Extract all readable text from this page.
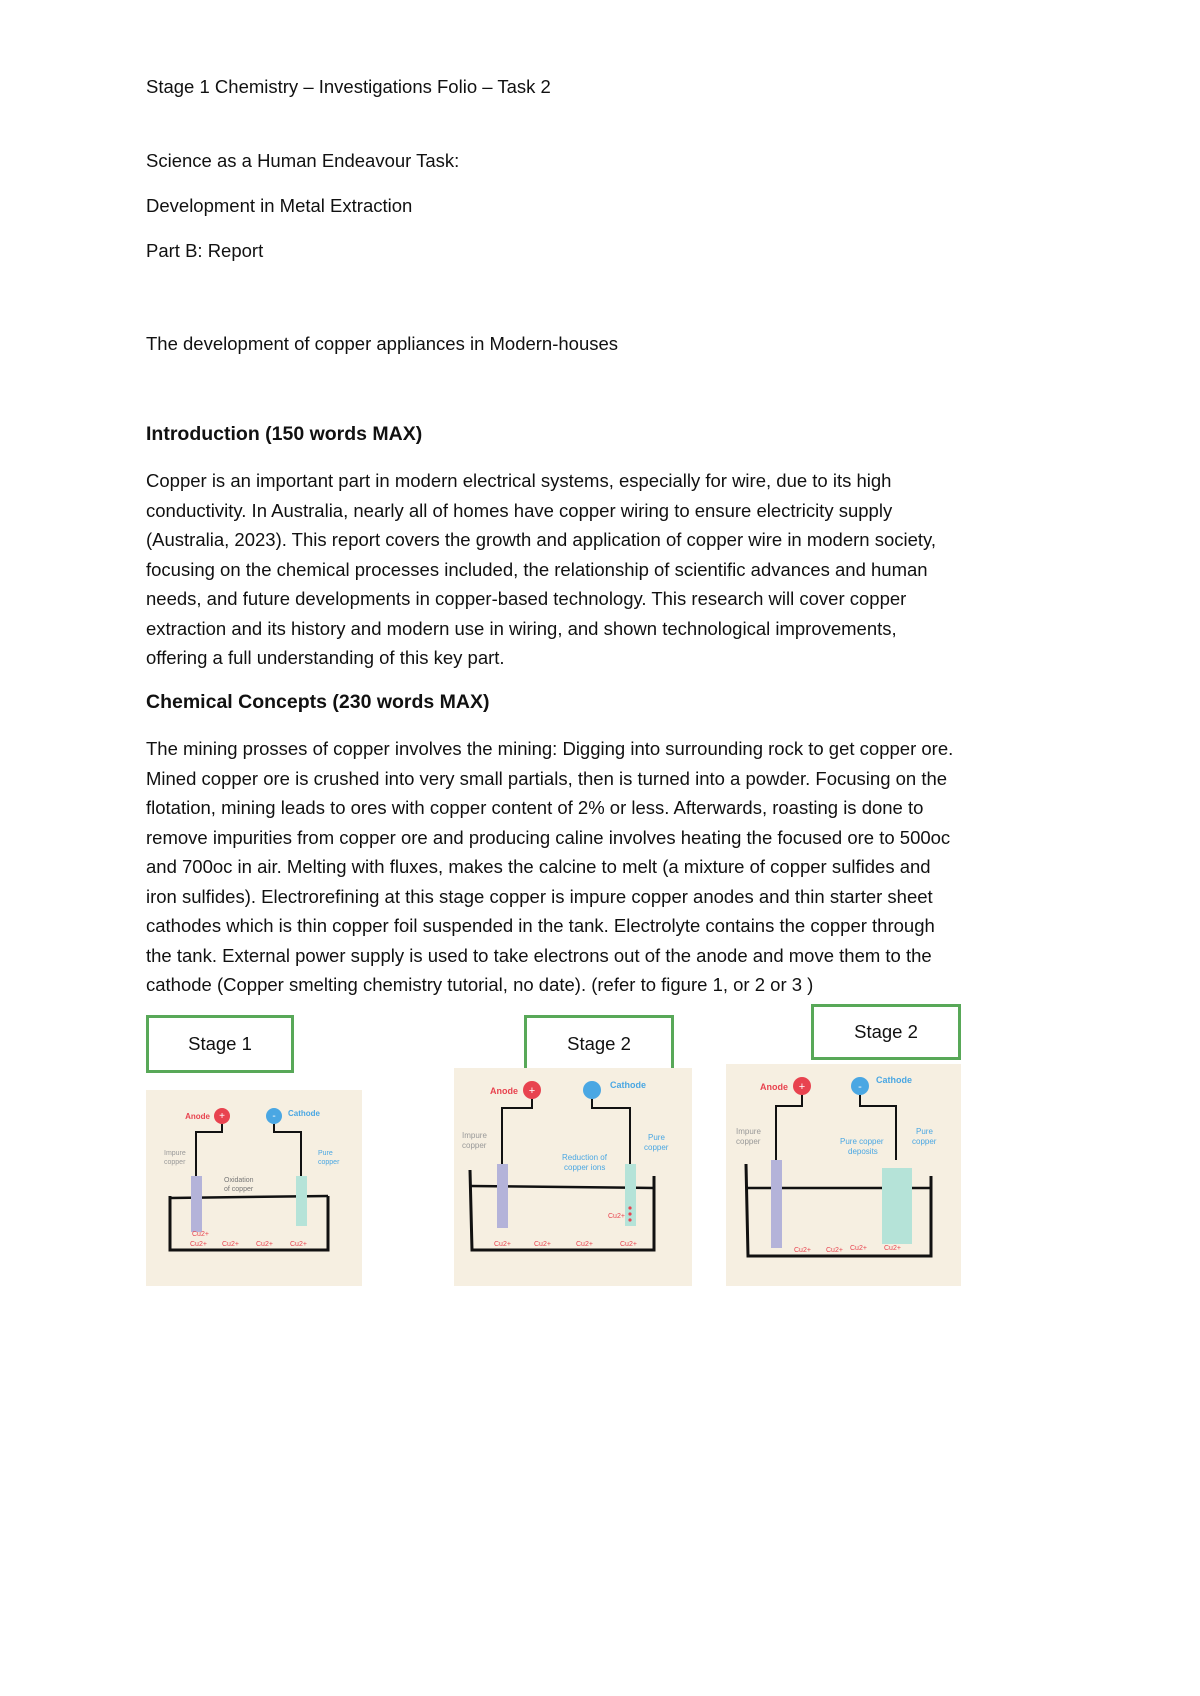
Stage 1 Chemistry – Investigations Folio – Task 2
Science as a Human Endeavour Task:
Development in Metal Extraction
Part B: Report
The development of copper appliances in Modern-houses
Introduction (150 words MAX)
Copper is an important part in modern electrical systems, especially for wire, due to its high
conductivity. In Australia, nearly all of homes have copper wiring to ensure electricity supply
(Australia, 2023). This report covers the growth and application of copper wire in modern society,
focusing on the chemical processes included, the relationship of scientific advances and human
needs, and future developments in copper-based technology. This research will cover copper
extraction and its history and modern use in wiring, and shown technological improvements,
offering a full understanding of this key part.
Chemical Concepts (230 words MAX)
The mining prosses of copper involves the mining: Digging into surrounding rock to get copper ore.
Mined copper ore is crushed into very small partials, then is turned into a powder. Focusing on the
flotation, mining leads to ores with copper content of 2% or less. Afterwards, roasting is done to
remove impurities from copper ore and producing caline involves heating the focused ore to 500oc
and 700oc in air. Melting with fluxes, makes the calcine to melt (a mixture of copper sulfides and
iron sulfides). Electrorefining at this stage copper is impure copper anodes and thin starter sheet
cathodes which is thin copper foil suspended in the tank. Electrolyte contains the copper through
the tank. External power supply is used to take electrons out of the anode and move them to the
cathode (Copper smelting chemistry tutorial, no date). (refer to figure 1, or 2 or 3 )
Stage 1	Stage 2
Stage 2
+
Anode	- Cathode
Impure copper
Pure copper
Oxidation of copper
Cu2+
Cu2+ Cu2+ Cu2+ Cu2+
+
Anode
Cathode
Impure copper
Pure copper
Reduction of copper ions
Cu2+
Cu2+	Cu2+	Cu2+	Cu2+
+
Anode	-
Cathode
Impure copper
Pure copper
Pure copper deposits
Cu2+ Cu2+ Cu2+ Cu2+
